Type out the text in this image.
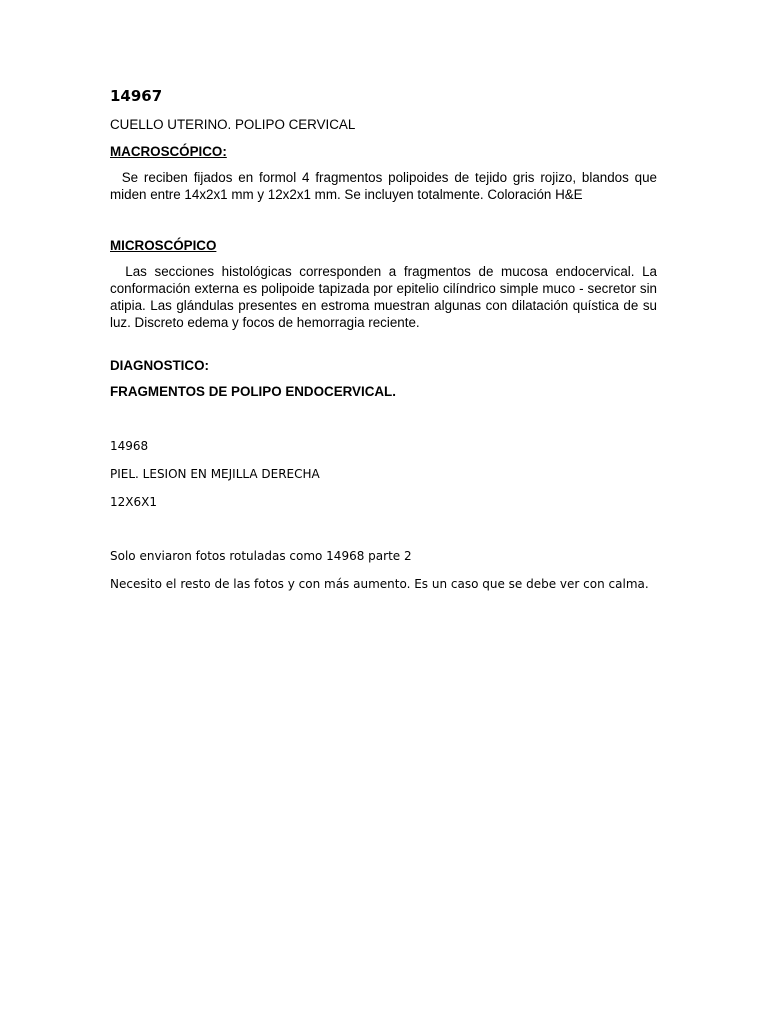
14967
CUELLO UTERINO. POLIPO CERVICAL
MACROSCÓPICO:

Se reciben fijados en formol 4 fragmentos polipoides de tejido gris rojizo, blandos que miden entre 14x2x1 mm y 12x2x1 mm. Se incluyen totalmente. Coloración H&E

MICROSCÓPICO

Las secciones histológicas corresponden a fragmentos de mucosa endocervical. La conformación externa es polipoide tapizada por epitelio cilíndrico simple muco - secretor sin atipia. Las glándulas presentes en estroma muestran algunas con dilatación quística de su luz. Discreto edema y focos de hemorragia reciente.

DIAGNOSTICO:
FRAGMENTOS DE POLIPO ENDOCERVICAL.
14968
PIEL. LESION EN MEJILLA DERECHA
12X6X1
Solo enviaron fotos rotuladas como 14968 parte 2
Necesito el resto de las fotos y con más aumento. Es un caso que se debe ver con calma.
